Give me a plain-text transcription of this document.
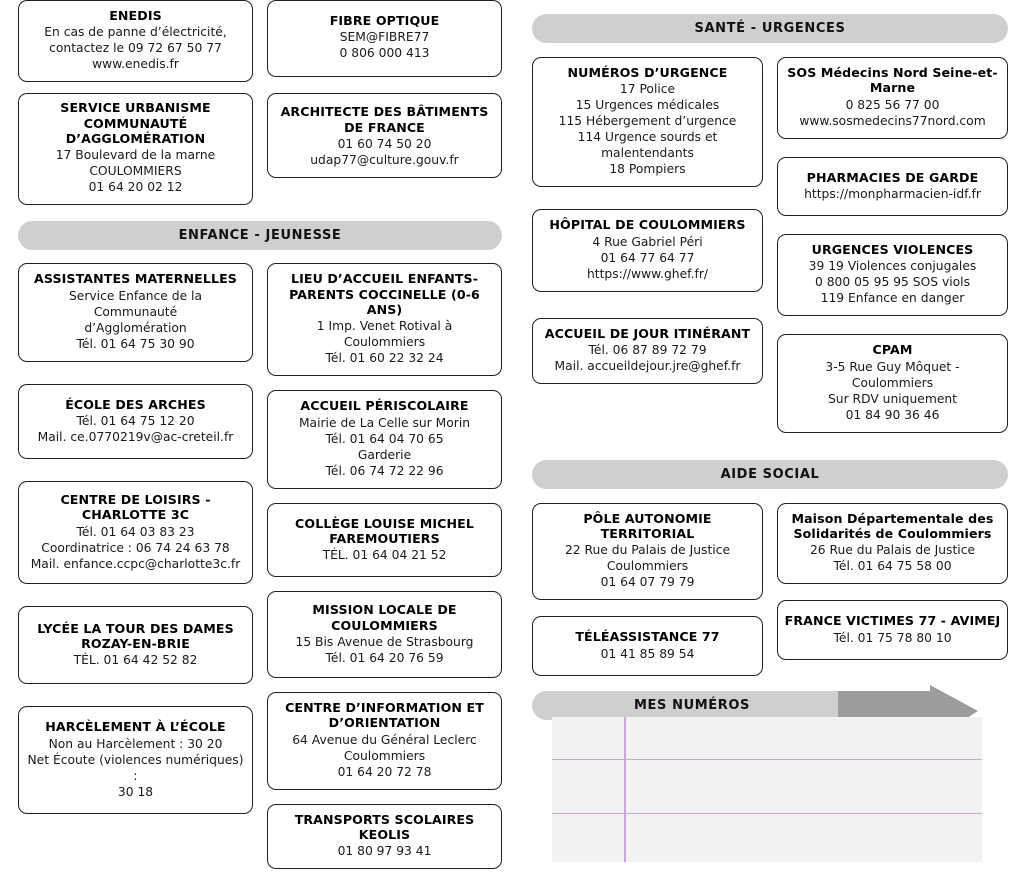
ENEDIS
En cas de panne d’électricité,
contactez le 09 72 67 50 77
www.enedis.fr
SERVICE URBANISME COMMUNAUTÉ D’AGGLOMÉRATION
17 Boulevard de la marne
COULOMMIERS
01 64 20 02 12
FIBRE OPTIQUE
SEM@FIBRE77
0 806 000 413
ARCHITECTE DES BÂTIMENTS DE FRANCE
01 60 74 50 20
udap77@culture.gouv.fr
ENFANCE - JEUNESSE
ASSISTANTES MATERNELLES
Service Enfance de la Communauté
d’Agglomération
Tél. 01 64 75 30 90
ÉCOLE DES ARCHES
Tél. 01 64 75 12 20
Mail. ce.0770219v@ac-creteil.fr
CENTRE DE LOISIRS - CHARLOTTE 3C
Tél. 01 64 03 83 23
Coordinatrice : 06 74 24 63 78
Mail. enfance.ccpc@charlotte3c.fr
LYCÉE LA TOUR DES DAMES ROZAY-EN-BRIE
TÉL. 01 64 42 52 82
HARCÈLEMENT À L’ÉCOLE
Non au Harcèlement : 30 20
Net Écoute (violences numériques) :
30 18
LIEU D’ACCUEIL ENFANTS-PARENTS COCCINELLE (0-6 ANS)
1 Imp. Venet Rotival à Coulommiers
Tél. 01 60 22 32 24
ACCUEIL PÉRISCOLAIRE
Mairie de La Celle sur Morin
Tél. 01 64 04 70 65
Garderie
Tél. 06 74 72 22 96
COLLÈGE LOUISE MICHEL FAREMOUTIERS
TÉL. 01 64 04 21 52
MISSION LOCALE DE COULOMMIERS
15 Bis Avenue de Strasbourg
Tél. 01 64 20 76 59
CENTRE D’INFORMATION ET D’ORIENTATION
64 Avenue du Général Leclerc
Coulommiers
01 64 20 72 78
TRANSPORTS SCOLAIRES KEOLIS
01 80 97 93 41
SANTÉ - URGENCES
NUMÉROS D’URGENCE
17 Police
15 Urgences médicales
115 Hébergement d’urgence
114 Urgence sourds et malentendants
18 Pompiers
HÔPITAL DE COULOMMIERS
4 Rue Gabriel Péri
01 64 77 64 77
https://www.ghef.fr/
ACCUEIL DE JOUR ITINÉRANT
Tél. 06 87 89 72 79
Mail. accueildejour.jre@ghef.fr
SOS Médecins Nord Seine-et-Marne
0 825 56 77 00
www.sosmedecins77nord.com
PHARMACIES DE GARDE
https://monpharmacien-idf.fr
URGENCES VIOLENCES
39 19 Violences conjugales
0 800 05 95 95 SOS viols
119 Enfance en danger
CPAM
3-5 Rue Guy Môquet - Coulommiers
Sur RDV uniquement
01 84 90 36 46
AIDE SOCIAL
PÔLE AUTONOMIE TERRITORIAL
22 Rue du Palais de Justice
Coulommiers
01 64 07 79 79
TÉLÉASSISTANCE 77
01 41 85 89 54
Maison Départementale des Solidarités de Coulommiers
26 Rue du Palais de Justice
Tél. 01 64 75 58 00
FRANCE VICTIMES 77 - AVIMEJ
Tél. 01 75 78 80 10
MES NUMÉROS
